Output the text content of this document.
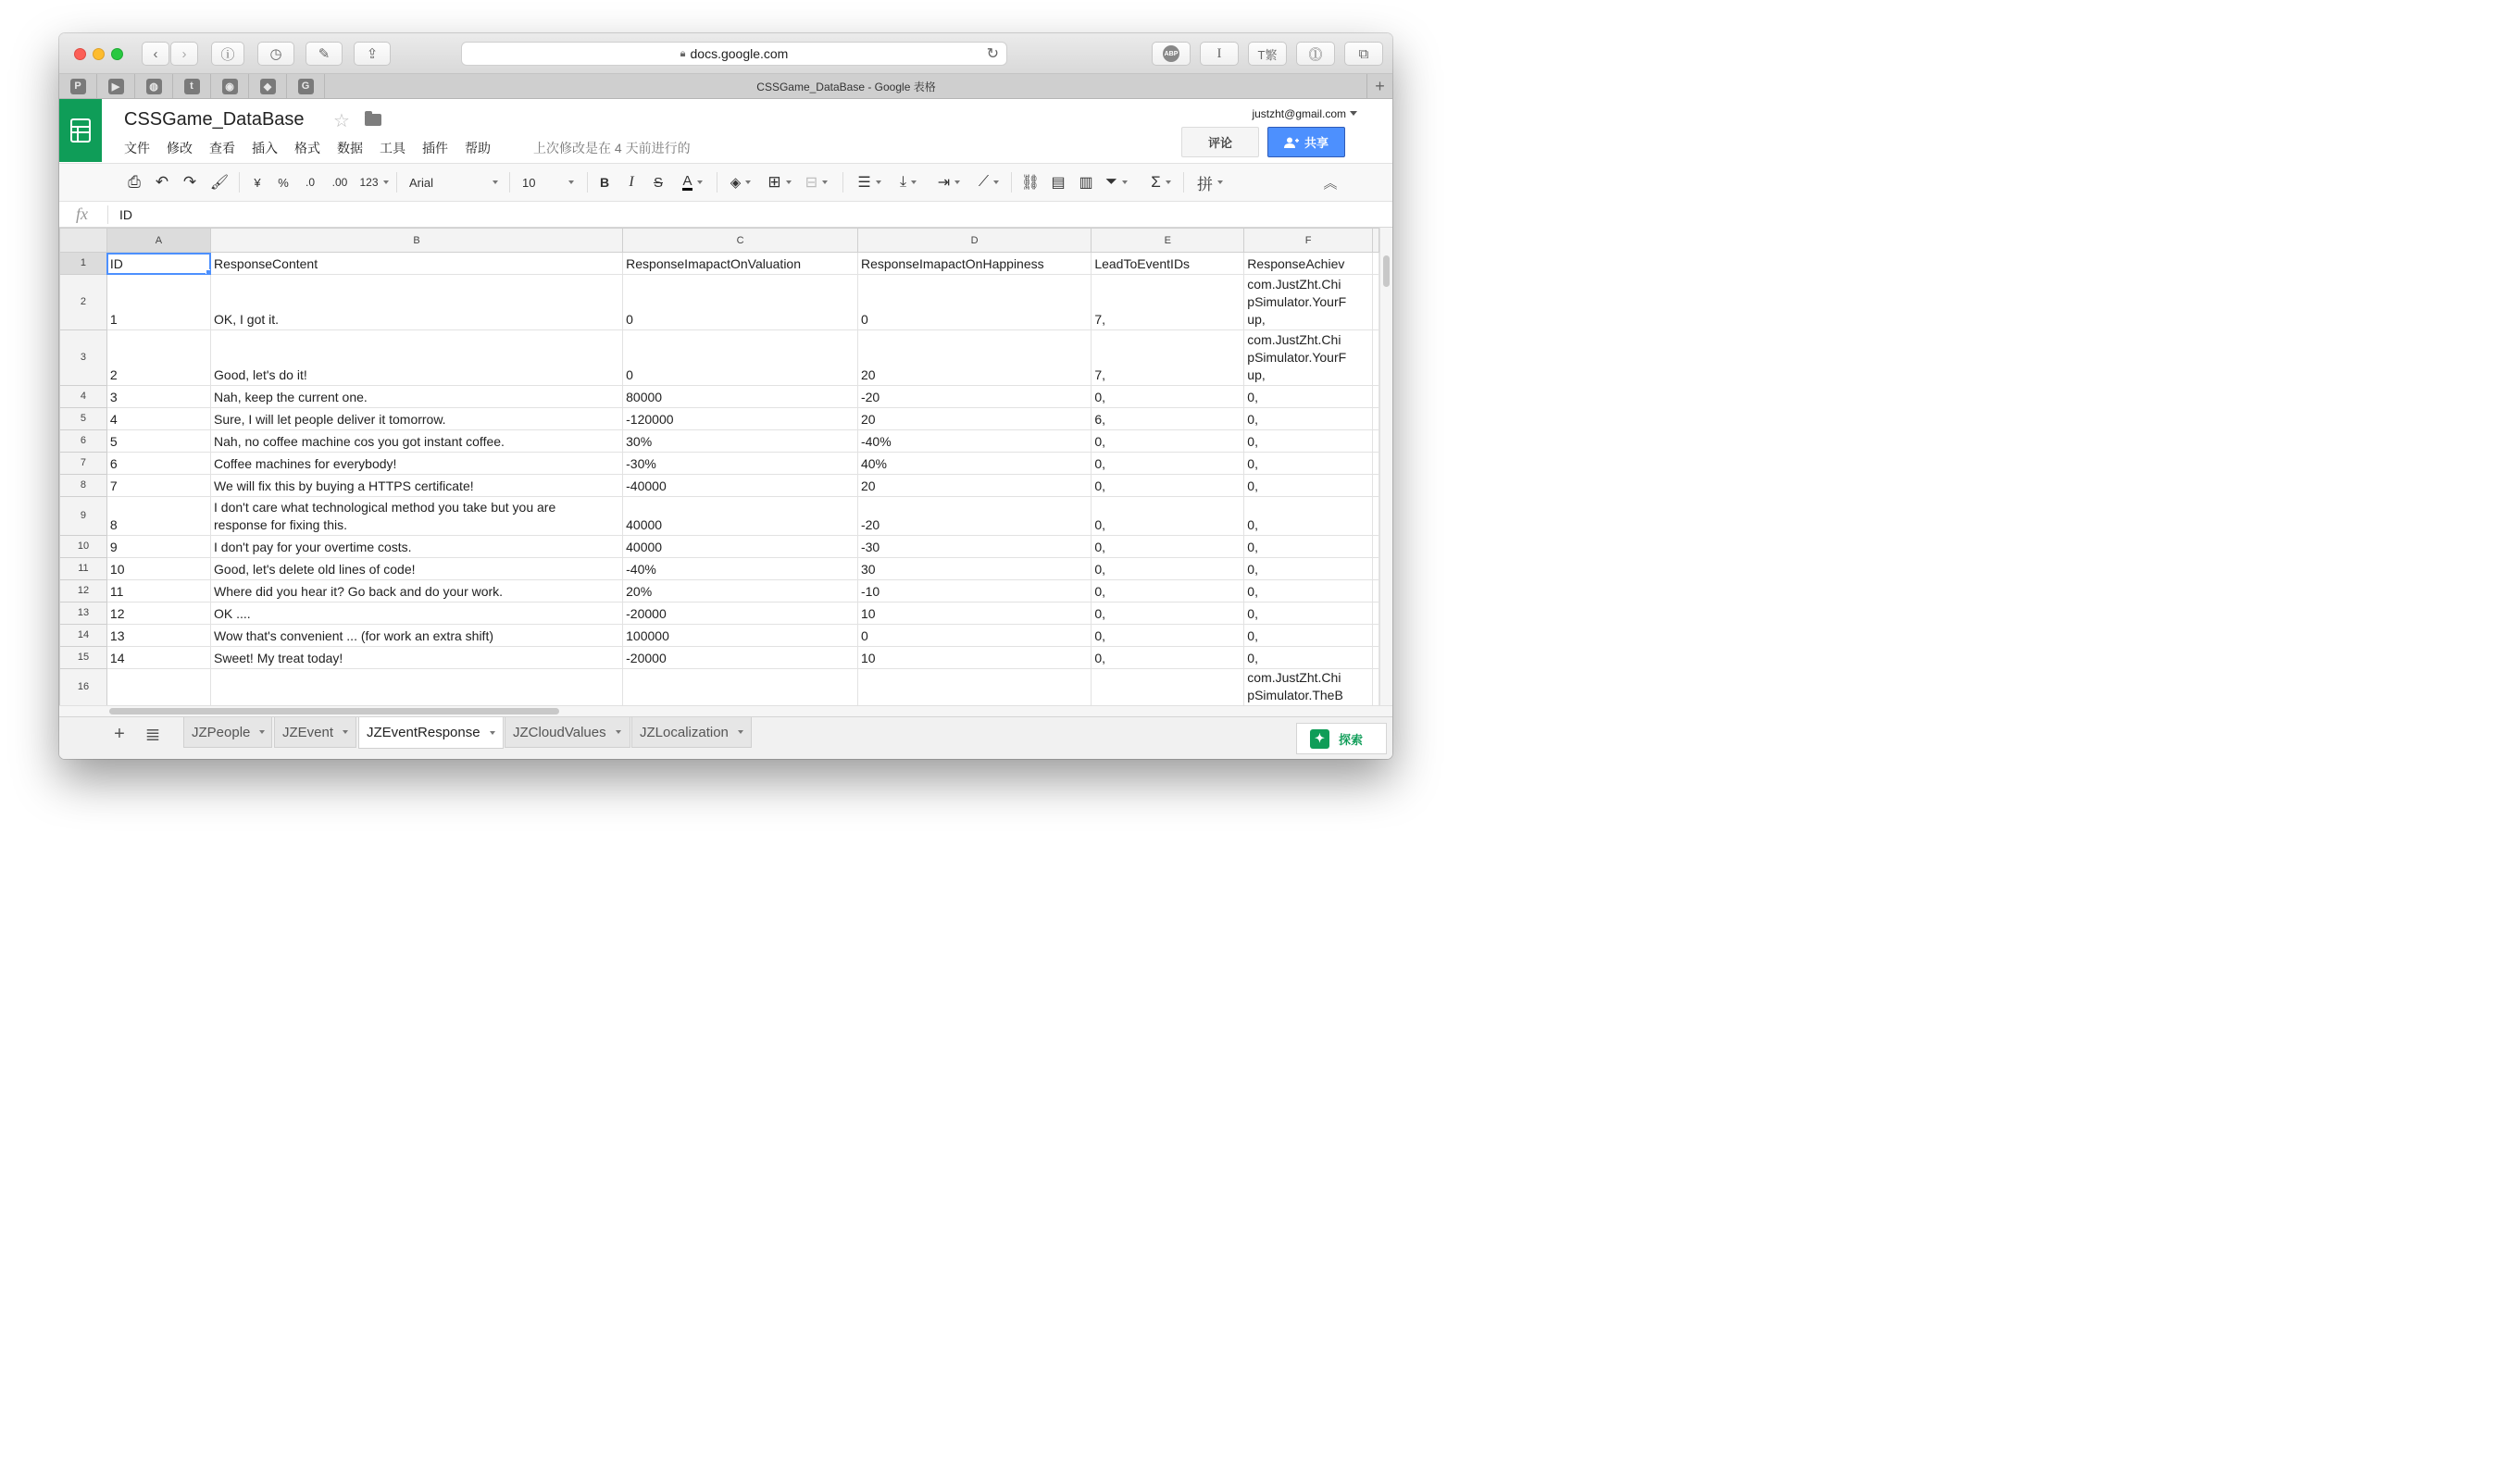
‹ › ⓘ	◷	✎	⇪	🔒︎ docs.google.com	↻	ABP	I	T繁 ⓵	⧉
CSSGame_DataBase - Google 表格	+
P	▶	◍	t	◉	◆	G
CSSGame_DataBase ☆
文件 修改 查看 插入 格式 数据 工具 插件 帮助	上次修改是在 4 天前进行的
justzht@gmail.com
评论	共享
⎙ ↶ ↷ 🖌︎	¥	%	.0	.00	123	Arial	10	B	I	S	A	◈ ⊞ ⊟	☰ ⤓ ⇥ ⟋ ⛓︎ ▤ ▥ ⏷ Σ 拼	︽
fx ID
	A	B	C	D	E	F	
1	ID	ResponseContent	ResponseImapactOnValuation	ResponseImapactOnHappiness	LeadToEventIDs	ResponseAchiev	
2	1	OK, I got it.	0	0	7,	com.JustZht.Chi
pSimulator.YourF
up,	
3	2	Good, let's do it!	0	20	7,	com.JustZht.Chi
pSimulator.YourF
up,	
4	3	Nah, keep the current one.	80000	-20	0,	0,	
5	4	Sure, I will let people deliver it tomorrow.	-120000	20	6,	0,	
6	5	Nah, no coffee machine cos you got instant coffee.	30%	-40%	0,	0,	
7	6	Coffee machines for everybody!	-30%	40%	0,	0,	
8	7	We will fix this by buying a HTTPS certificate!	-40000	20	0,	0,	
9	8	I don't care what technological method you take but you are
response for fixing this.	40000	-20	0,	0,	
10	9	I don't pay for your overtime costs.	40000	-30	0,	0,	
11	10	Good, let's delete old lines of code!	-40%	30	0,	0,	
12	11	Where did you hear it? Go back and do your work.	20%	-10	0,	0,	
13	12	OK ....	-20000	10	0,	0,	
14	13	Wow that's convenient ... (for work an extra shift)	100000	0	0,	0,	
15	14	Sweet! My treat today!	-20000	10	0,	0,	
16						com.JustZht.Chi
pSimulator.TheB	
+ ≣	✦	探索
JZPeople JZEvent JZEventResponse JZCloudValues JZLocalization
